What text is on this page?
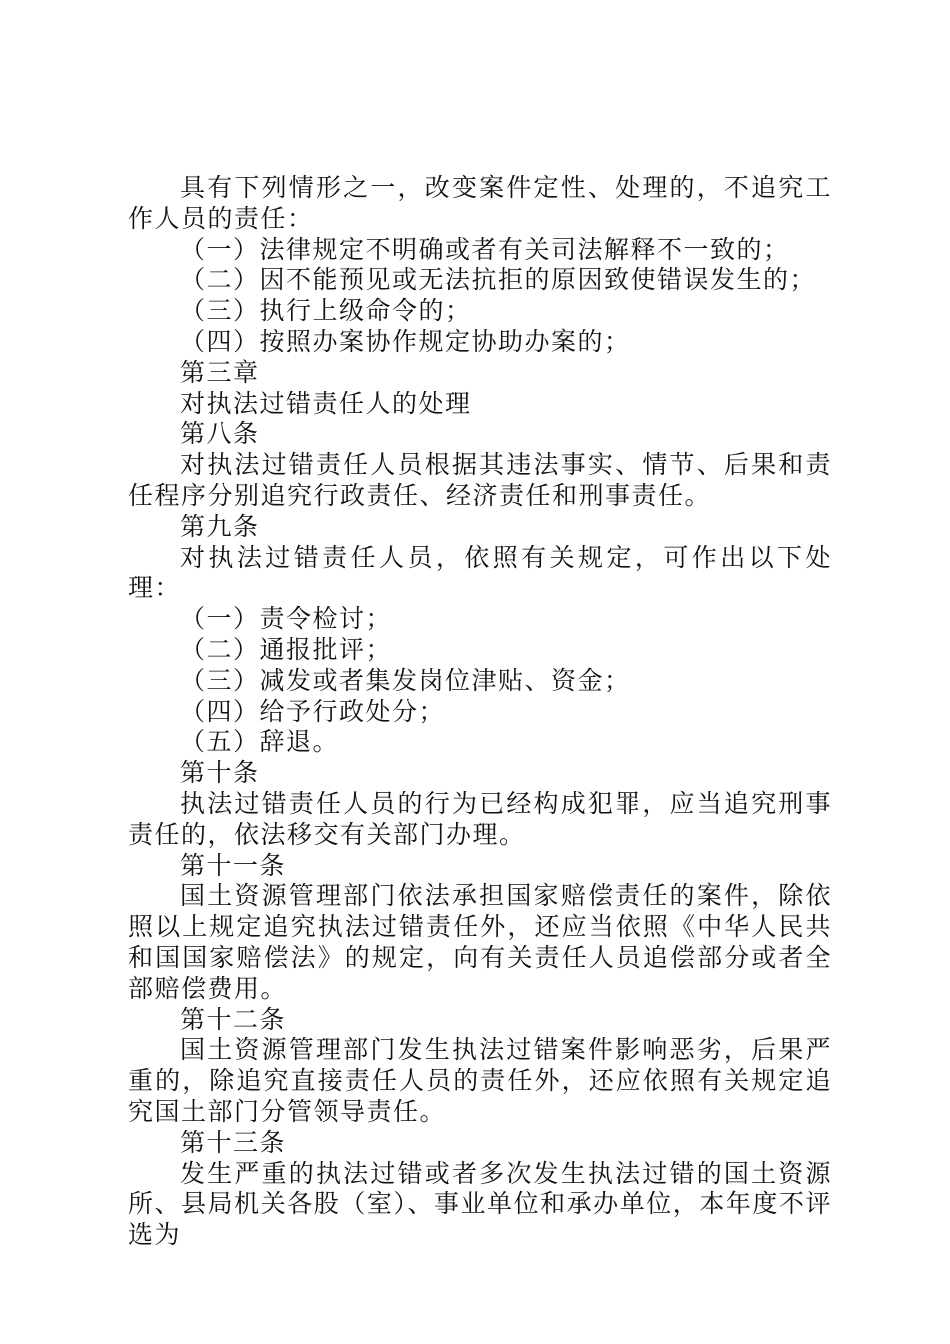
具有下列情形之一，改变案件定性、处理的，不追究工作人员的责任：

（一）法律规定不明确或者有关司法解释不一致的；

（二）因不能预见或无法抗拒的原因致使错误发生的；

（三）执行上级命令的；

（四）按照办案协作规定协助办案的；

第三章

对执法过错责任人的处理

第八条

对执法过错责任人员根据其违法事实、情节、后果和责任程序分别追究行政责任、经济责任和刑事责任。

第九条

对执法过错责任人员，依照有关规定，可作出以下处理：

（一）责令检讨；

（二）通报批评；

（三）减发或者集发岗位津贴、资金；

（四）给予行政处分；

（五）辞退。

第十条

执法过错责任人员的行为已经构成犯罪，应当追究刑事责任的，依法移交有关部门办理。

第十一条

国土资源管理部门依法承担国家赔偿责任的案件，除依照以上规定追究执法过错责任外，还应当依照《中华人民共和国国家赔偿法》的规定，向有关责任人员追偿部分或者全部赔偿费用。

第十二条

国土资源管理部门发生执法过错案件影响恶劣，后果严重的，除追究直接责任人员的责任外，还应依照有关规定追究国土部门分管领导责任。

第十三条

发生严重的执法过错或者多次发生执法过错的国土资源所、县局机关各股（室）、事业单位和承办单位，本年度不评选为
